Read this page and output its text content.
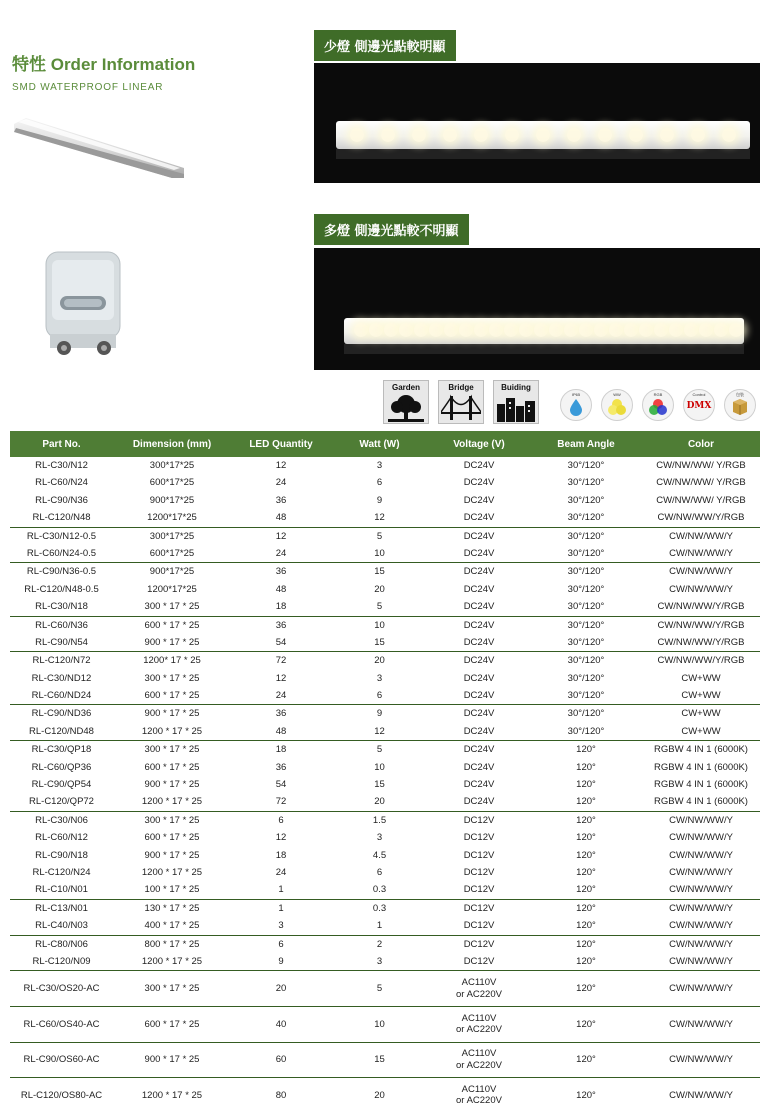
特性 Order Information
SMD WATERPROOF LINEAR
少燈 側邊光點較明顯
多燈 側邊光點較不明顯
Garden	Bridge	Buiding
IP65	WW	RGB	Control
DMX
包裝
Part No.	Dimension (mm)	LED Quantity	Watt (W)	Voltage (V)	Beam Angle	Color
RL-C30/N12	300*17*25	12	3	DC24V	30°/120°	CW/NW/WW/ Y/RGB
RL-C60/N24	600*17*25	24	6	DC24V	30°/120°	CW/NW/WW/ Y/RGB
RL-C90/N36	900*17*25	36	9	DC24V	30°/120°	CW/NW/WW/ Y/RGB
RL-C120/N48	1200*17*25	48	12	DC24V	30°/120°	CW/NW/WW/Y/RGB
RL-C30/N12-0.5	300*17*25	12	5	DC24V	30°/120°	CW/NW/WW/Y
RL-C60/N24-0.5	600*17*25	24	10	DC24V	30°/120°	CW/NW/WW/Y
RL-C90/N36-0.5	900*17*25	36	15	DC24V	30°/120°	CW/NW/WW/Y
RL-C120/N48-0.5	1200*17*25	48	20	DC24V	30°/120°	CW/NW/WW/Y
RL-C30/N18	300 * 17 * 25	18	5	DC24V	30°/120°	CW/NW/WW/Y/RGB
RL-C60/N36	600 * 17 * 25	36	10	DC24V	30°/120°	CW/NW/WW/Y/RGB
RL-C90/N54	900 * 17 * 25	54	15	DC24V	30°/120°	CW/NW/WW/Y/RGB
RL-C120/N72	1200* 17 * 25	72	20	DC24V	30°/120°	CW/NW/WW/Y/RGB
RL-C30/ND12	300 * 17 * 25	12	3	DC24V	30°/120°	CW+WW
RL-C60/ND24	600 * 17 * 25	24	6	DC24V	30°/120°	CW+WW
RL-C90/ND36	900 * 17 * 25	36	9	DC24V	30°/120°	CW+WW
RL-C120/ND48	1200 * 17 * 25	48	12	DC24V	30°/120°	CW+WW
RL-C30/QP18	300 * 17 * 25	18	5	DC24V	120°	RGBW 4 IN 1 (6000K)
RL-C60/QP36	600 * 17 * 25	36	10	DC24V	120°	RGBW 4 IN 1 (6000K)
RL-C90/QP54	900 * 17 * 25	54	15	DC24V	120°	RGBW 4 IN 1 (6000K)
RL-C120/QP72	1200 * 17 * 25	72	20	DC24V	120°	RGBW 4 IN 1 (6000K)
RL-C30/N06	300 * 17 * 25	6	1.5	DC12V	120°	CW/NW/WW/Y
RL-C60/N12	600 * 17 * 25	12	3	DC12V	120°	CW/NW/WW/Y
RL-C90/N18	900 * 17 * 25	18	4.5	DC12V	120°	CW/NW/WW/Y
RL-C120/N24	1200 * 17 * 25	24	6	DC12V	120°	CW/NW/WW/Y
RL-C10/N01	100 * 17 * 25	1	0.3	DC12V	120°	CW/NW/WW/Y
RL-C13/N01	130 * 17 * 25	1	0.3	DC12V	120°	CW/NW/WW/Y
RL-C40/N03	400 * 17 * 25	3	1	DC12V	120°	CW/NW/WW/Y
RL-C80/N06	800 * 17 * 25	6	2	DC12V	120°	CW/NW/WW/Y
RL-C120/N09	1200 * 17 * 25	9	3	DC12V	120°	CW/NW/WW/Y
RL-C30/OS20-AC	300 * 17 * 25	20	5	AC110V
or AC220V	120°	CW/NW/WW/Y
RL-C60/OS40-AC	600 * 17 * 25	40	10	AC110V
or AC220V	120°	CW/NW/WW/Y
RL-C90/OS60-AC	900 * 17 * 25	60	15	AC110V
or AC220V	120°	CW/NW/WW/Y
RL-C120/OS80-AC	1200 * 17 * 25	80	20	AC110V
or AC220V	120°	CW/NW/WW/Y
